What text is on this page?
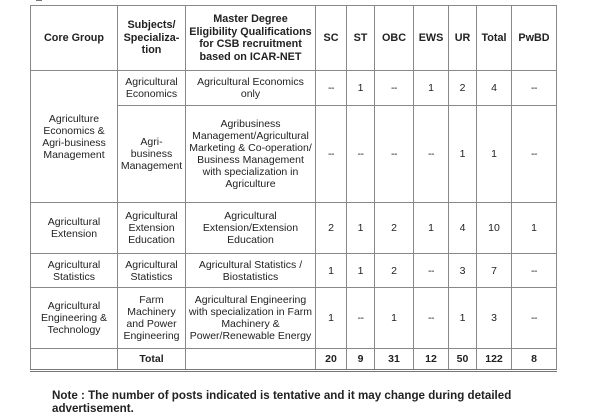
Core Group	Subjects/ Specializa-tion	Master Degree Eligibility Qualifications for CSB recruitment based on ICAR-NET	SC	ST	OBC	EWS	UR	Total	PwBD
Agriculture Economics & Agri-business Management	Agricultural Economics	Agricultural Economics only	--	1	--	1	2	4	--
	Agri-business Management	Agribusiness Management/Agricultural Marketing & Co-operation/ Business Management with specialization in Agriculture	--	--	--	--	1	1	--
Agricultural Extension	Agricultural Extension Education	Agricultural Extension/Extension Education	2	1	2	1	4	10	1
Agricultural Statistics	Agricultural Statistics	Agricultural Statistics / Biostatistics	1	1	2	--	3	7	--
Agricultural Engineering & Technology	Farm Machinery and Power Engineering	Agricultural Engineering with specialization in Farm Machinery & Power/Renewable Energy	1	--	1	--	1	3	--
	Total		20	9	31	12	50	122	8
Note : The number of posts indicated is tentative and it may change during detailed advertisement.
